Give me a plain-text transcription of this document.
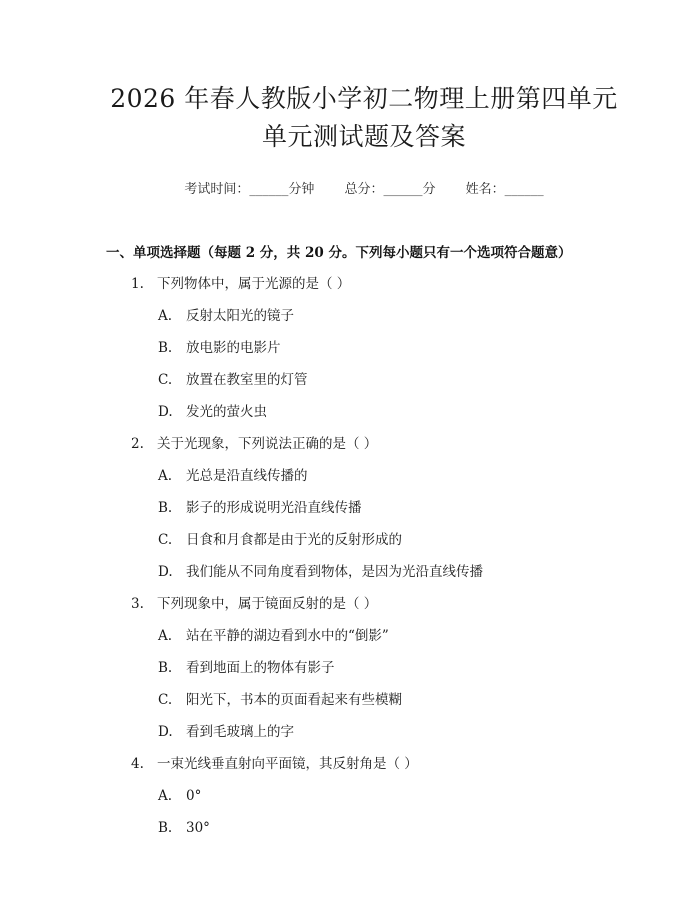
2026 年春人教版小学初二物理上册第四单元
单元测试题及答案
考试时间：______分钟 总分：______分 姓名：______
一、单项选择题（每题 2 分，共 20 分。下列每小题只有一个选项符合题意）
1. 下列物体中，属于光源的是（ ）
A. 反射太阳光的镜子
B. 放电影的电影片
C. 放置在教室里的灯管
D. 发光的萤火虫
2. 关于光现象，下列说法正确的是（ ）
A. 光总是沿直线传播的
B. 影子的形成说明光沿直线传播
C. 日食和月食都是由于光的反射形成的
D. 我们能从不同角度看到物体，是因为光沿直线传播
3. 下列现象中，属于镜面反射的是（ ）
A. 站在平静的湖边看到水中的“倒影”
B. 看到地面上的物体有影子
C. 阳光下，书本的页面看起来有些模糊
D. 看到毛玻璃上的字
4. 一束光线垂直射向平面镜，其反射角是（ ）
A. 0°
B. 30°
